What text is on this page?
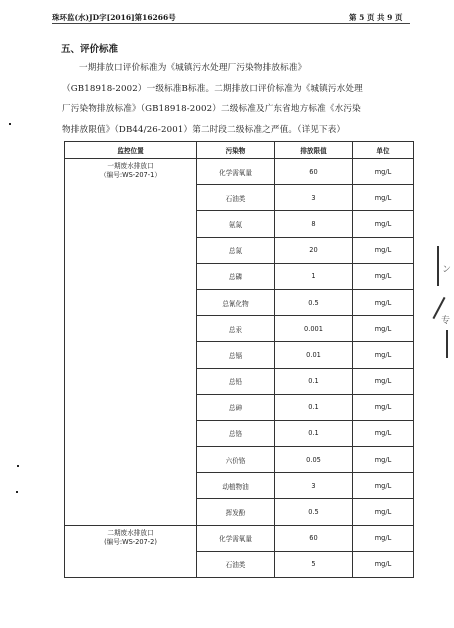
珠环监(水)JD字[2016]第16266号	第 5 页 共 9 页
五、评价标准
一期排放口评价标准为《城镇污水处理厂污染物排放标准》
（GB18918-2002）一级标准B标准。二期排放口评价标准为《城镇污水处理
厂污染物排放标准》（GB18918-2002）二级标准及广东省地方标准《水污染
物排放限值》（DB44/26-2001）第二时段二级标准之严值。（详见下表）
监控位置	污染物	排放限值	单位

一期废水排放口
（编号:WS-207-1）	化学需氧量	60	mg/L
	石油类	3	mg/L
	氨氮	8	mg/L
	总氮	20	mg/L
	总磷	1	mg/L
	总氰化物	0.5	mg/L
	总汞	0.001	mg/L
	总镉	0.01	mg/L
	总铅	0.1	mg/L
	总砷	0.1	mg/L
	总铬	0.1	mg/L
	六价铬	0.05	mg/L
	动植物油	3	mg/L
	挥发酚	0.5	mg/L

二期废水排放口
(编号:WS-207-2)	化学需氧量	60	mg/L
	石油类	5	mg/L
ン
专
